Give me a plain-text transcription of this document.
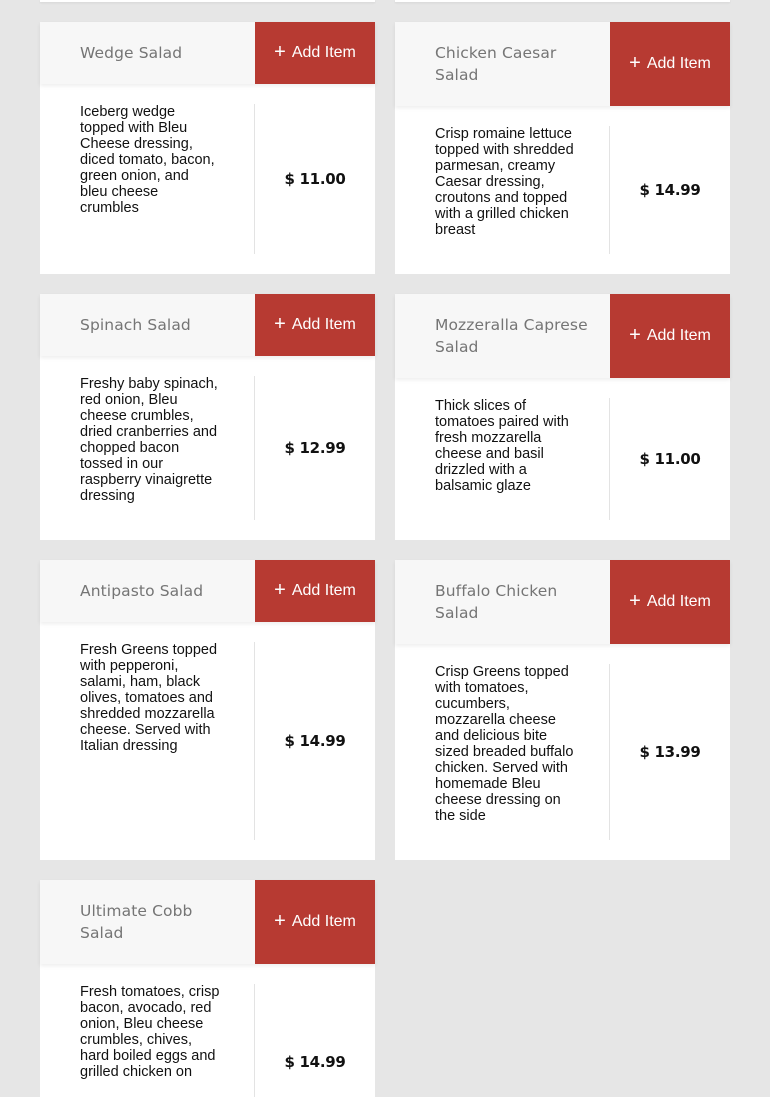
Wedge Salad	+ Add Item
Iceberg wedge topped with Bleu Cheese dressing, diced tomato, bacon, green onion, and bleu cheese crumbles
$ 11.00
Spinach Salad	+ Add Item
Freshy baby spinach, red onion, Bleu cheese crumbles, dried cranberries and chopped bacon tossed in our raspberry vinaigrette dressing
$ 12.99
Antipasto Salad	+ Add Item
Fresh Greens topped with pepperoni, salami, ham, black olives, tomatoes and shredded mozzarella cheese. Served with Italian dressing	$ 14.99
Ultimate Cobb Salad
+ Add Item
Fresh tomatoes, crisp bacon, avocado, red onion, Bleu cheese crumbles, chives, hard boiled eggs and grilled chicken on
$ 14.99
Chicken Caesar Salad
+ Add Item
Crisp romaine lettuce topped with shredded parmesan, creamy Caesar dressing, croutons and topped with a grilled chicken breast
$ 14.99
Mozzeralla Caprese Salad
+ Add Item
Thick slices of tomatoes paired with fresh mozzarella cheese and basil drizzled with a balsamic glaze
$ 11.00
Buffalo Chicken Salad
+ Add Item
Crisp Greens topped with tomatoes, cucumbers, mozzarella cheese and delicious bite sized breaded buffalo chicken. Served with homemade Bleu cheese dressing on the side
$ 13.99
